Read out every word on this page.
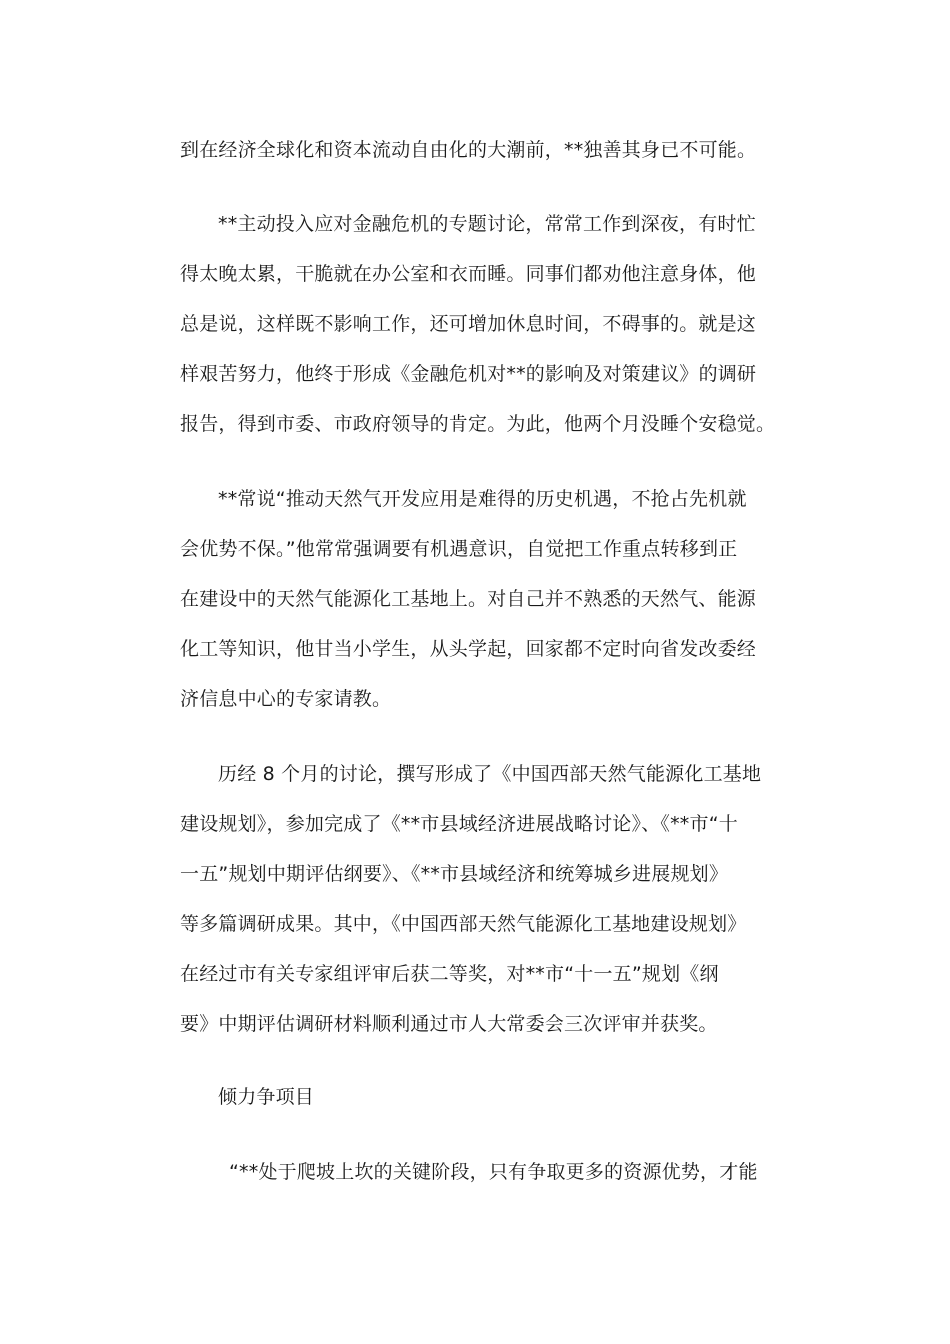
到在经济全球化和资本流动自由化的大潮前，**独善其身已不可能。
**主动投入应对金融危机的专题讨论，常常工作到深夜，有时忙
得太晚太累，干脆就在办公室和衣而睡。同事们都劝他注意身体，他
总是说，这样既不影响工作，还可增加休息时间，不碍事的。就是这
样艰苦努力，他终于形成《金融危机对**的影响及对策建议》的调研
报告，得到市委、市政府领导的肯定。为此，他两个月没睡个安稳觉。
**常说“推动天然气开发应用是难得的历史机遇，不抢占先机就
会优势不保。”他常常强调要有机遇意识，自觉把工作重点转移到正
在建设中的天然气能源化工基地上。对自己并不熟悉的天然气、能源
化工等知识，他甘当小学生，从头学起，回家都不定时向省发改委经
济信息中心的专家请教。
历经 8 个月的讨论，撰写形成了《中国西部天然气能源化工基地
建设规划》，参加完成了《**市县域经济进展战略讨论》、《**市“十
一五”规划中期评估纲要》、《**市县域经济和统筹城乡进展规划》
等多篇调研成果。其中，《中国西部天然气能源化工基地建设规划》
在经过市有关专家组评审后获二等奖，对**市“十一五”规划《纲
要》中期评估调研材料顺利通过市人大常委会三次评审并获奖。
倾力争项目
“**处于爬坡上坎的关键阶段，只有争取更多的资源优势，才能
